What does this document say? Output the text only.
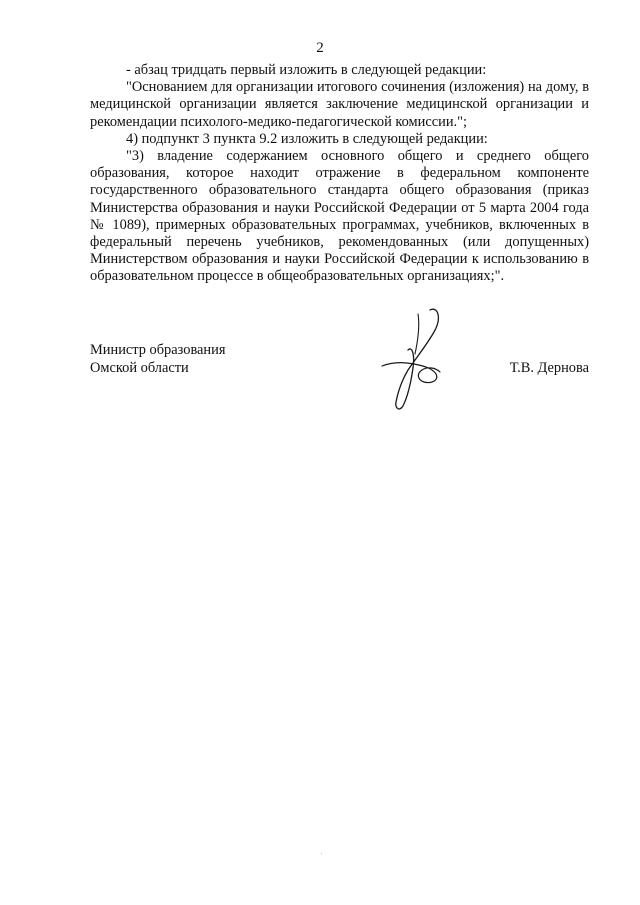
2

- абзац тридцать первый изложить в следующей редакции:

"Основанием для организации итогового сочинения (изложения) на дому, в медицинской организации является заключение медицинской организации и рекомендации психолого-медико-педагогической комиссии.";

4) подпункт 3 пункта 9.2 изложить в следующей редакции:

"3) владение содержанием основного общего и среднего общего образования, которое находит отражение в федеральном компоненте государственного образовательного стандарта общего образования (приказ Министерства образования и науки Российской Федерации от 5 марта 2004 года № 1089), примерных образовательных программах, учебников, включенных в федеральный перечень учебников, рекомендованных (или допущенных) Министерством образования и науки Российской Федерации к использованию в образовательном процессе в общеобразовательных организациях;".

Министр образования
Омской области	Т.В. Дернова
